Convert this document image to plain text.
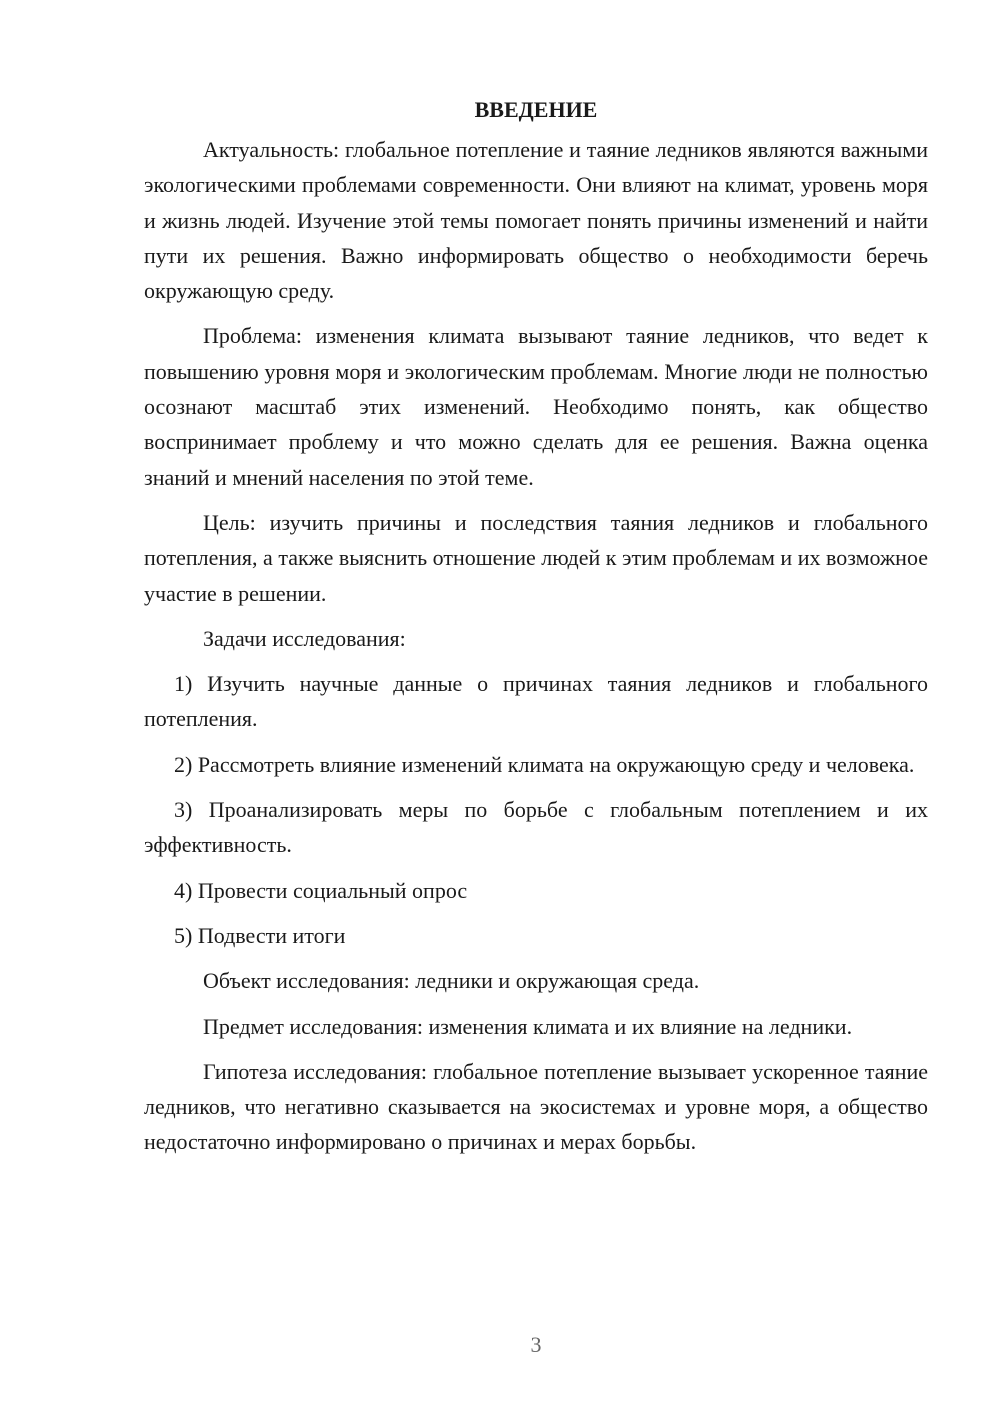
ВВЕДЕНИЕ

Актуальность: глобальное потепление и таяние ледников являются важными экологическими проблемами современности. Они влияют на климат, уровень моря и жизнь людей. Изучение этой темы помогает понять причины изменений и найти пути их решения. Важно информировать общество о необходимости беречь окружающую среду.

Проблема: изменения климата вызывают таяние ледников, что ведет к повышению уровня моря и экологическим проблемам. Многие люди не полностью осознают масштаб этих изменений. Необходимо понять, как общество воспринимает проблему и что можно сделать для ее решения. Важна оценка знаний и мнений населения по этой теме.

Цель: изучить причины и последствия таяния ледников и глобального потепления, а также выяснить отношение людей к этим проблемам и их возможное участие в решении.

Задачи исследования:

1) Изучить научные данные о причинах таяния ледников и глобального потепления.

2) Рассмотреть влияние изменений климата на окружающую среду и человека.

3) Проанализировать меры по борьбе с глобальным потеплением и их эффективность.

4) Провести социальный опрос

5) Подвести итоги

Объект исследования: ледники и окружающая среда.

Предмет исследования: изменения климата и их влияние на ледники.

Гипотеза исследования: глобальное потепление вызывает ускоренное таяние ледников, что негативно сказывается на экосистемах и уровне моря, а общество недостаточно информировано о причинах и мерах борьбы.

3
